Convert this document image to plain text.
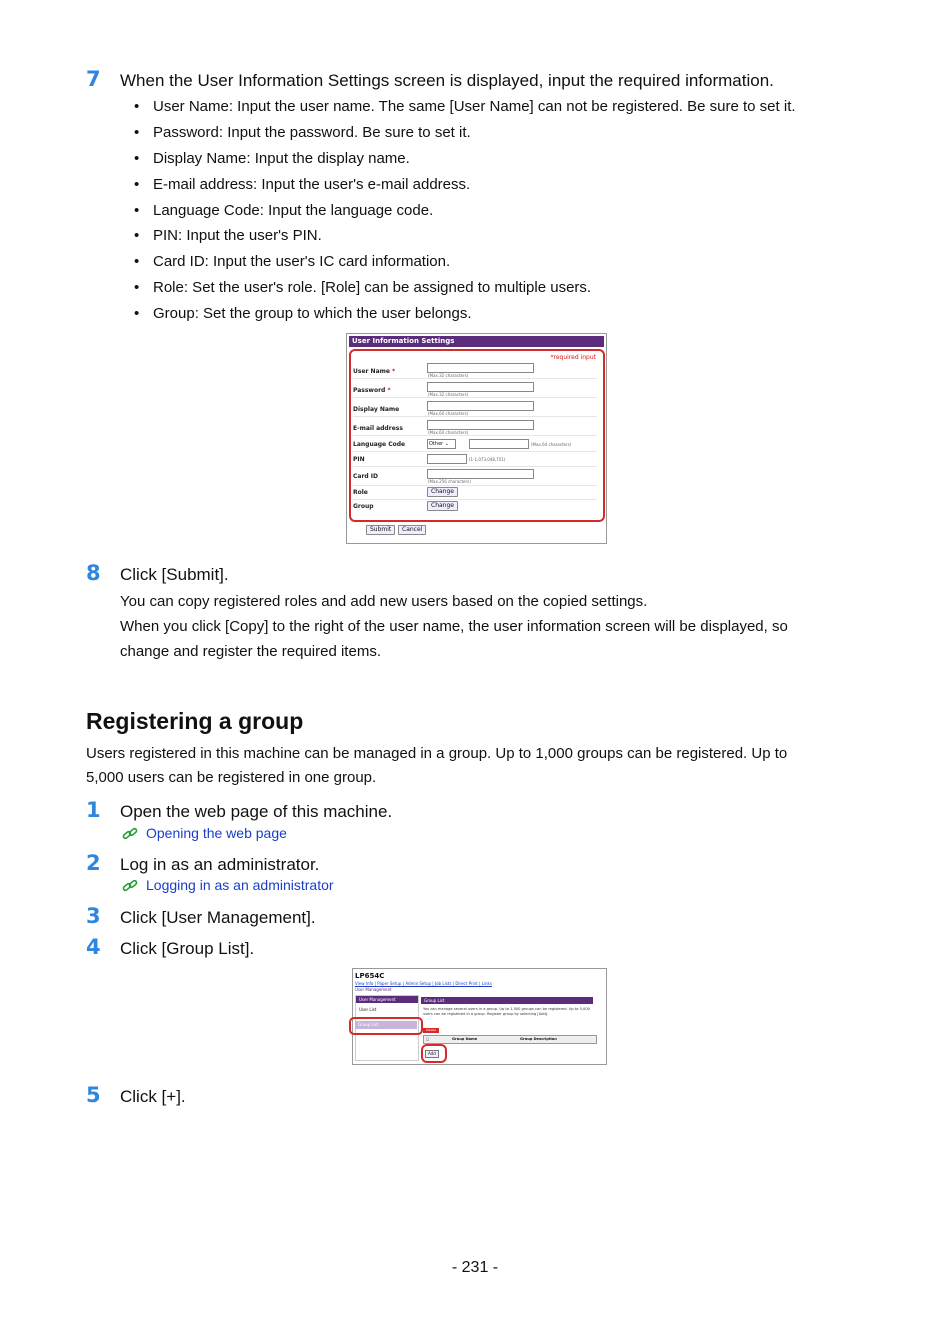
7 When the User Information Settings screen is displayed, input the required information.
• User Name: Input the user name. The same [User Name] can not be registered. Be sure to set it.
• Password: Input the password. Be sure to set it.
• Display Name: Input the display name.
• E-mail address: Input the user's e-mail address.
• Language Code: Input the language code.
• PIN: Input the user's PIN.
• Card ID: Input the user's IC card information.
• Role: Set the user's role. [Role] can be assigned to multiple users.
• Group: Set the group to which the user belongs.
User Information Settings
*required input
User Name *
(Max.32 characters)
Password *
(Max.32 characters)
Display Name
(Max.64 characters)
E-mail address
(Max.64 characters)
Language Code	Other ⌄	(Max.64 characters)
PIN	(1-1,073,048,751)
Card ID
(Max.256 characters)
Role	Change
Group	Change
Submit	Cancel
8 Click [Submit].
You can copy registered roles and add new users based on the copied settings.
When you click [Copy] to the right of the user name, the user information screen will be displayed, so
change and register the required items.
Registering a group
Users registered in this machine can be managed in a group. Up to 1,000 groups can be registered. Up to
5,000 users can be registered in one group.
1 Open the web page of this machine.
Opening the web page
2 Log in as an administrator.
Logging in as an administrator
3 Click [User Management].
4 Click [Group List].
LP654C
View Info | Paper Setup | Admin Setup | Job Lists | Direct Print | Links
User Management
User Management
User List
Group List
Group List
You can manage several users in a group. Up to 1,000 groups can be registered. Up to 5,000 users can be registered in a group. Register group by selecting [Add].
Delete
□	Group Name	Group Description
Add
5 Click [+].
- 231 -
